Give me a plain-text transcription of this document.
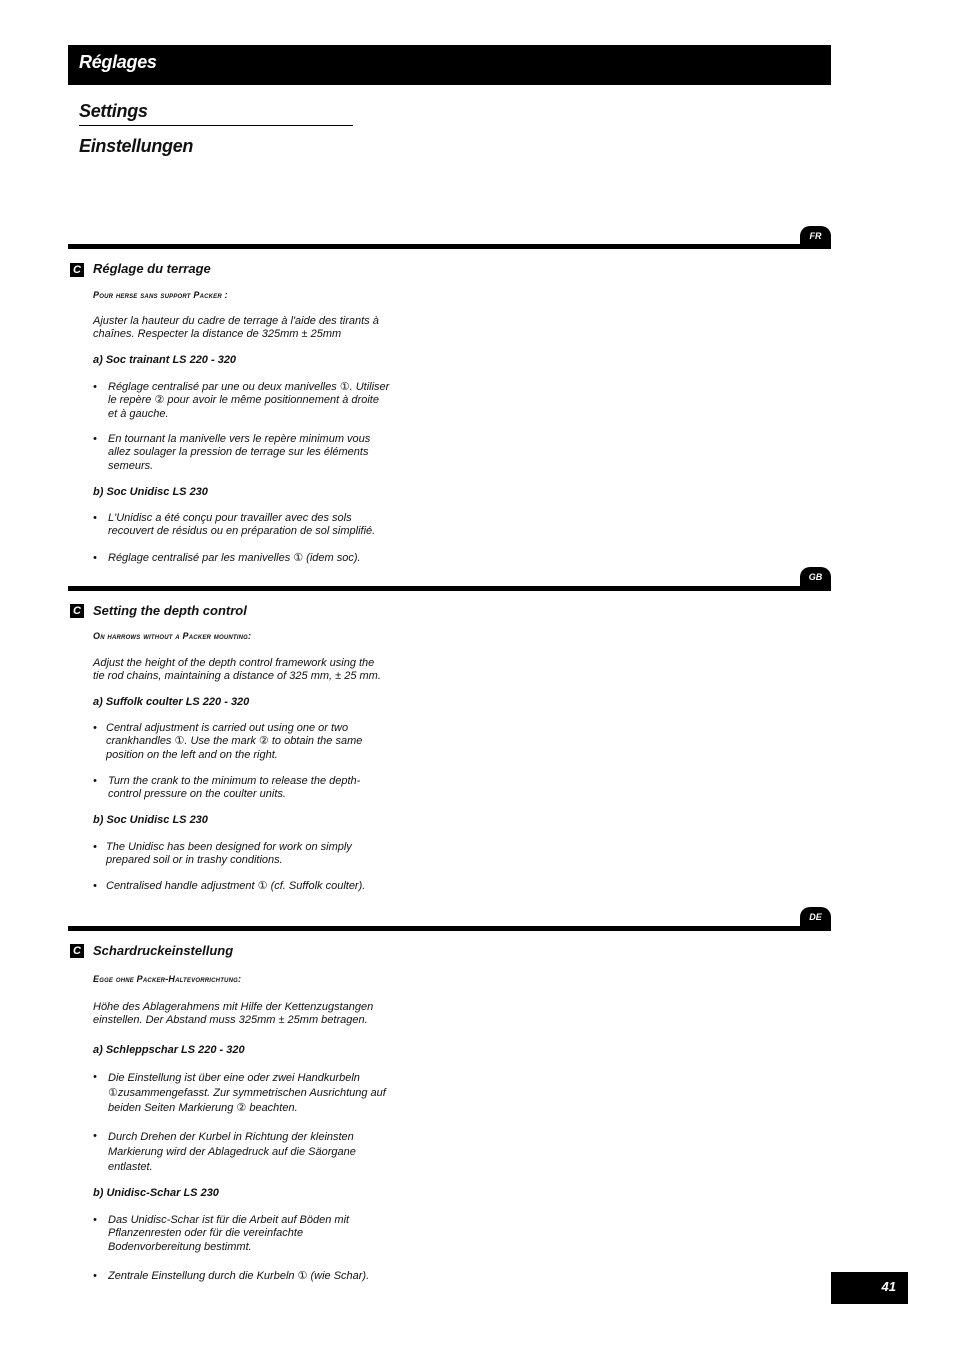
Réglages
Settings
Einstellungen
FR
C Réglage du terrage
Pour herse sans support Packer :
Ajuster la hauteur du cadre de terrage à l'aide des tirants à
chaînes. Respecter la distance de 325mm ± 25mm
a) Soc trainant LS 220 - 320
• Réglage centralisé par une ou deux manivelles ①. Utiliser
le repère ② pour avoir le même positionnement à droite
et à gauche.
• En tournant la manivelle vers le repère minimum vous
allez soulager la pression de terrage sur les éléments
semeurs.
b) Soc Unidisc LS 230
• L'Unidisc a été conçu pour travailler avec des sols
recouvert de résidus ou en préparation de sol simplifié.
• Réglage centralisé par les manivelles ① (idem soc).
GB
C Setting the depth control
On harrows without a Packer mounting:
Adjust the height of the depth control framework using the
tie rod chains, maintaining a distance of 325 mm, ± 25 mm.
a) Suffolk coulter LS 220 - 320
• Central adjustment is carried out using one or two
crankhandles ①. Use the mark ② to obtain the same
position on the left and on the right.
• Turn the crank to the minimum to release the depth-
control pressure on the coulter units.
b) Soc Unidisc LS 230
• The Unidisc has been designed for work on simply
prepared soil or in trashy conditions.
• Centralised handle adjustment ① (cf. Suffolk coulter).
DE
C Schardruckeinstellung
Egge ohne Packer-Haltevorrichtung:
Höhe des Ablagerahmens mit Hilfe der Kettenzugstangen
einstellen. Der Abstand muss 325mm ± 25mm betragen.
a) Schleppschar LS 220 - 320
• Die Einstellung ist über eine oder zwei Handkurbeln
①zusammengefasst. Zur symmetrischen Ausrichtung auf
beiden Seiten Markierung ② beachten.
• Durch Drehen der Kurbel in Richtung der kleinsten
Markierung wird der Ablagedruck auf die Säorgane
entlastet.
b) Unidisc-Schar LS 230
• Das Unidisc-Schar ist für die Arbeit auf Böden mit
Pflanzenresten oder für die vereinfachte
Bodenvorbereitung bestimmt.
• Zentrale Einstellung durch die Kurbeln ① (wie Schar).
41
